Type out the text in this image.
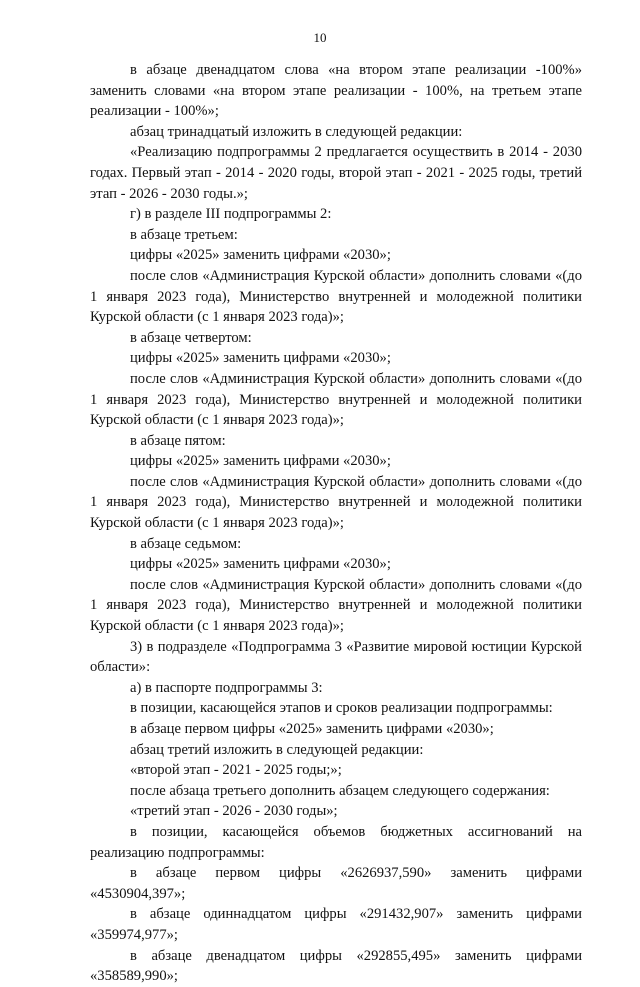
10

в абзаце двенадцатом слова «на втором этапе реализации -100%» заменить словами «на втором этапе реализации - 100%, на третьем этапе реализации - 100%»;

абзац тринадцатый изложить в следующей редакции:

«Реализацию подпрограммы 2 предлагается осуществить в 2014 - 2030 годах. Первый этап - 2014 - 2020 годы, второй этап - 2021 - 2025 годы, третий этап - 2026 - 2030 годы.»;

г) в разделе III подпрограммы 2:

в абзаце третьем:

цифры «2025» заменить цифрами «2030»;

после слов «Администрация Курской области» дополнить словами «(до 1 января 2023 года), Министерство внутренней и молодежной политики Курской области (с 1 января 2023 года)»;

в абзаце четвертом:

цифры «2025» заменить цифрами «2030»;

после слов «Администрация Курской области» дополнить словами «(до 1 января 2023 года), Министерство внутренней и молодежной политики Курской области (с 1 января 2023 года)»;

в абзаце пятом:

цифры «2025» заменить цифрами «2030»;

после слов «Администрация Курской области» дополнить словами «(до 1 января 2023 года), Министерство внутренней и молодежной политики Курской области (с 1 января 2023 года)»;

в абзаце седьмом:

цифры «2025» заменить цифрами «2030»;

после слов «Администрация Курской области» дополнить словами «(до 1 января 2023 года), Министерство внутренней и молодежной политики Курской области (с 1 января 2023 года)»;

3) в подразделе «Подпрограмма 3 «Развитие мировой юстиции Курской области»:

а) в паспорте подпрограммы 3:

в позиции, касающейся этапов и сроков реализации подпрограммы:

в абзаце первом цифры «2025» заменить цифрами «2030»;

абзац третий изложить в следующей редакции:

«второй этап - 2021 - 2025 годы;»;

после абзаца третьего дополнить абзацем следующего содержания:

«третий этап - 2026 - 2030 годы»;

в позиции, касающейся объемов бюджетных ассигнований на реализацию подпрограммы:

в абзаце первом цифры «2626937,590» заменить цифрами «4530904,397»;

в абзаце одиннадцатом цифры «291432,907» заменить цифрами «359974,977»;

в абзаце двенадцатом цифры «292855,495» заменить цифрами «358589,990»;
